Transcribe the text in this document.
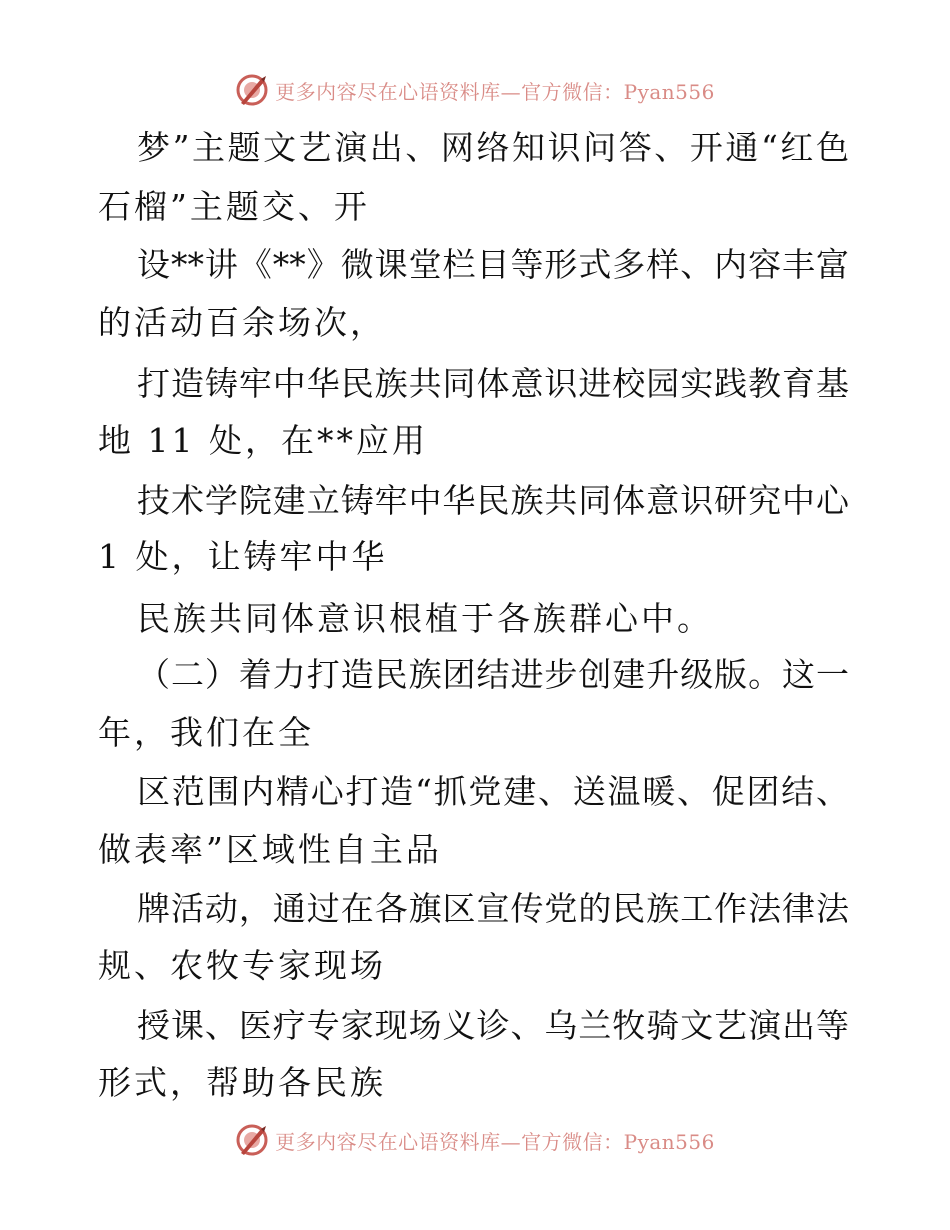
更多内容尽在心语资料库—官方微信：Pyan556
梦”主题文艺演出、网络知识问答、开通“红色
石榴”主题交、开
设**讲《**》微课堂栏目等形式多样、内容丰富
的活动百余场次，
打造铸牢中华民族共同体意识进校园实践教育基
地 11 处，在**应用
技术学院建立铸牢中华民族共同体意识研究中心
1 处，让铸牢中华
民族共同体意识根植于各族群心中。
（二）着力打造民族团结进步创建升级版。这一
年，我们在全
区范围内精心打造“抓党建、送温暖、促团结、
做表率”区域性自主品
牌活动，通过在各旗区宣传党的民族工作法律法
规、农牧专家现场
授课、医疗专家现场义诊、乌兰牧骑文艺演出等
形式，帮助各民族
更多内容尽在心语资料库—官方微信：Pyan556
